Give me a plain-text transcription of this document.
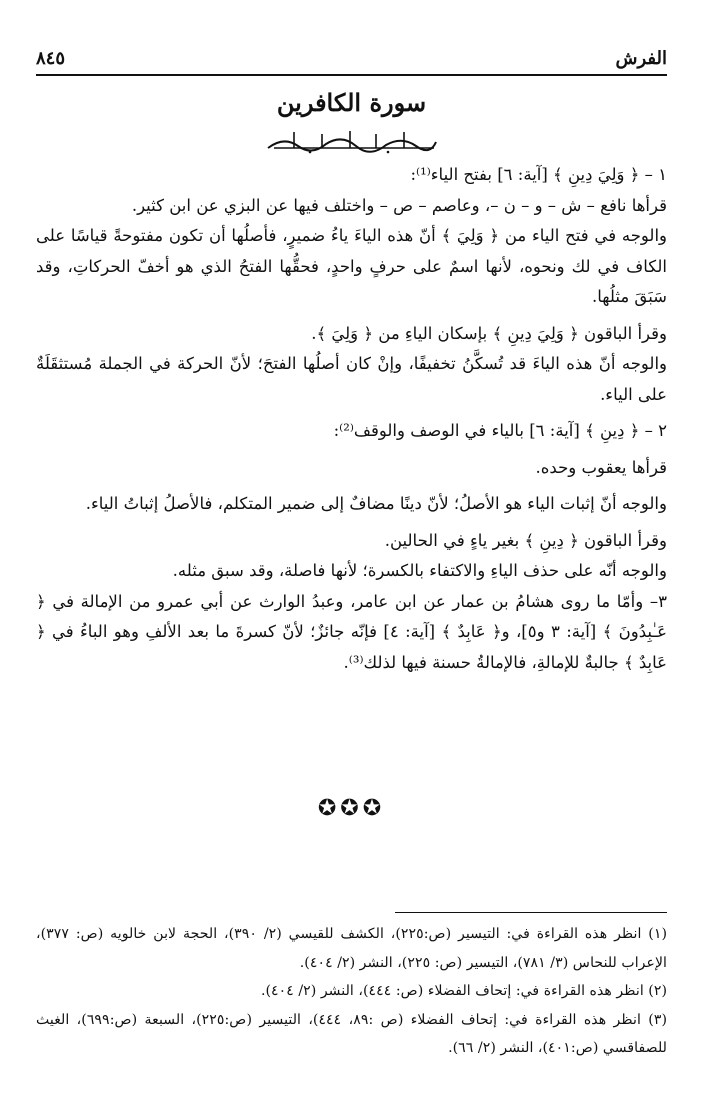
الفرش
٨٤٥
سورة الكافرين

١ – ﴿ وَلِيَ دِينِ ﴾ [آية: ٦] بفتح الياء⁽¹⁾:

قرأها نافع – ش – و – ن –، وعاصم – ص – واختلف فيها عن البزي عن ابن كثير.

والوجه في فتح الياء من ﴿ وَلِيَ ﴾ أنّ هذه الياءَ ياءُ ضميرٍ، فأصلُها أن تكون مفتوحةً قياسًا على الكاف في لك ونحوه، لأنها اسمٌ على حرفٍ واحدٍ، فحقُّها الفتحُ الذي هو أخفّ الحركاتِ، وقد سَبَقَ مثلُها.

وقرأ الباقون ﴿ وَلِيَ دِينِ ﴾ بإسكان الياءِ من ﴿ وَلِيَ ﴾.

والوجه أنّ هذه الياءَ قد تُسكَّنُ تخفيفًا، وإنْ كان أصلُها الفتحَ؛ لأنّ الحركة في الجملة مُستثقَلَةٌ على الياء.

٢ – ﴿ دِينِ ﴾ [آية: ٦] بالياء في الوصف والوقف⁽²⁾:

قرأها يعقوب وحده.

والوجه أنّ إثبات الياء هو الأصلُ؛ لأنّ دينًا مضافٌ إلى ضمير المتكلم، فالأصلُ إثباتُ الياء.

وقرأ الباقون ﴿ دِينِ ﴾ بغير ياءٍ في الحالين.

والوجه أنّه على حذف الياءِ والاكتفاء بالكسرة؛ لأنها فاصلة، وقد سبق مثله.

٣– وأمّا ما روى هشامُ بن عمار عن ابن عامر، وعبدُ الوارث عن أبي عمرو من الإمالة في ﴿ عَـٰبِدُونَ ﴾ [آية: ٣ و٥]، و﴿ عَابِدٌ ﴾ [آية: ٤] فإنّه جائزٌ؛ لأنّ كسرةَ ما بعد الألفِ وهو الباءُ في ﴿ عَابِدٌ ﴾ جالبةٌ للإمالةِ، فالإمالةُ حسنة فيها لذلك⁽³⁾.

✪✪✪

(١) انظر هذه القراءة في: التيسير (ص:٢٢٥)، الكشف للقيسي (٢/ ٣٩٠)، الحجة لابن خالويه (ص: ٣٧٧)، الإعراب للنحاس (٣/ ٧٨١)، التيسير (ص: ٢٢٥)، النشر (٢/ ٤٠٤).

(٢) انظر هذه القراءة في: إتحاف الفضلاء (ص: ٤٤٤)، النشر (٢/ ٤٠٤).

(٣) انظر هذه القراءة في: إتحاف الفضلاء (ص :٨٩، ٤٤٤)، التيسير (ص:٢٢٥)، السبعة (ص:٦٩٩)، الغيث للصفاقسي (ص:٤٠١)، النشر (٢/ ٦٦).
